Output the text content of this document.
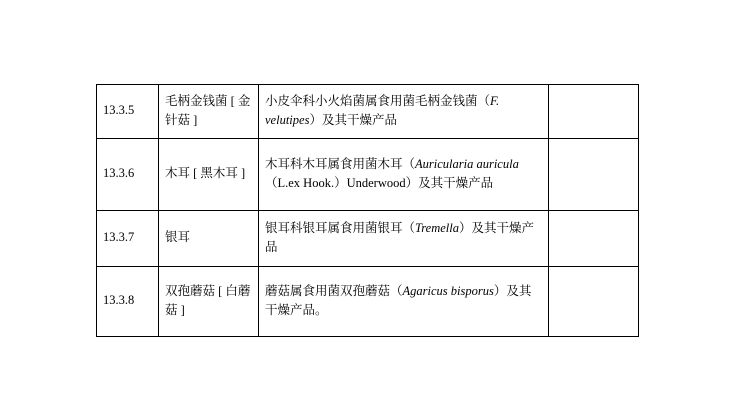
13.3.5	毛柄金钱菌 [ 金针菇 ]	小皮伞科小火焰菌属食用菌毛柄金钱菌（F. velutipes）及其干燥产品	
13.3.6	木耳 [ 黑木耳 ]	木耳科木耳属食用菌木耳（Auricularia auricula（L.ex Hook.）Underwood）及其干燥产品	
13.3.7	银耳	银耳科银耳属食用菌银耳（Tremella）及其干燥产品	
13.3.8	双孢蘑菇 [ 白蘑菇 ]	蘑菇属食用菌双孢蘑菇（Agaricus bisporus）及其干燥产品。	
